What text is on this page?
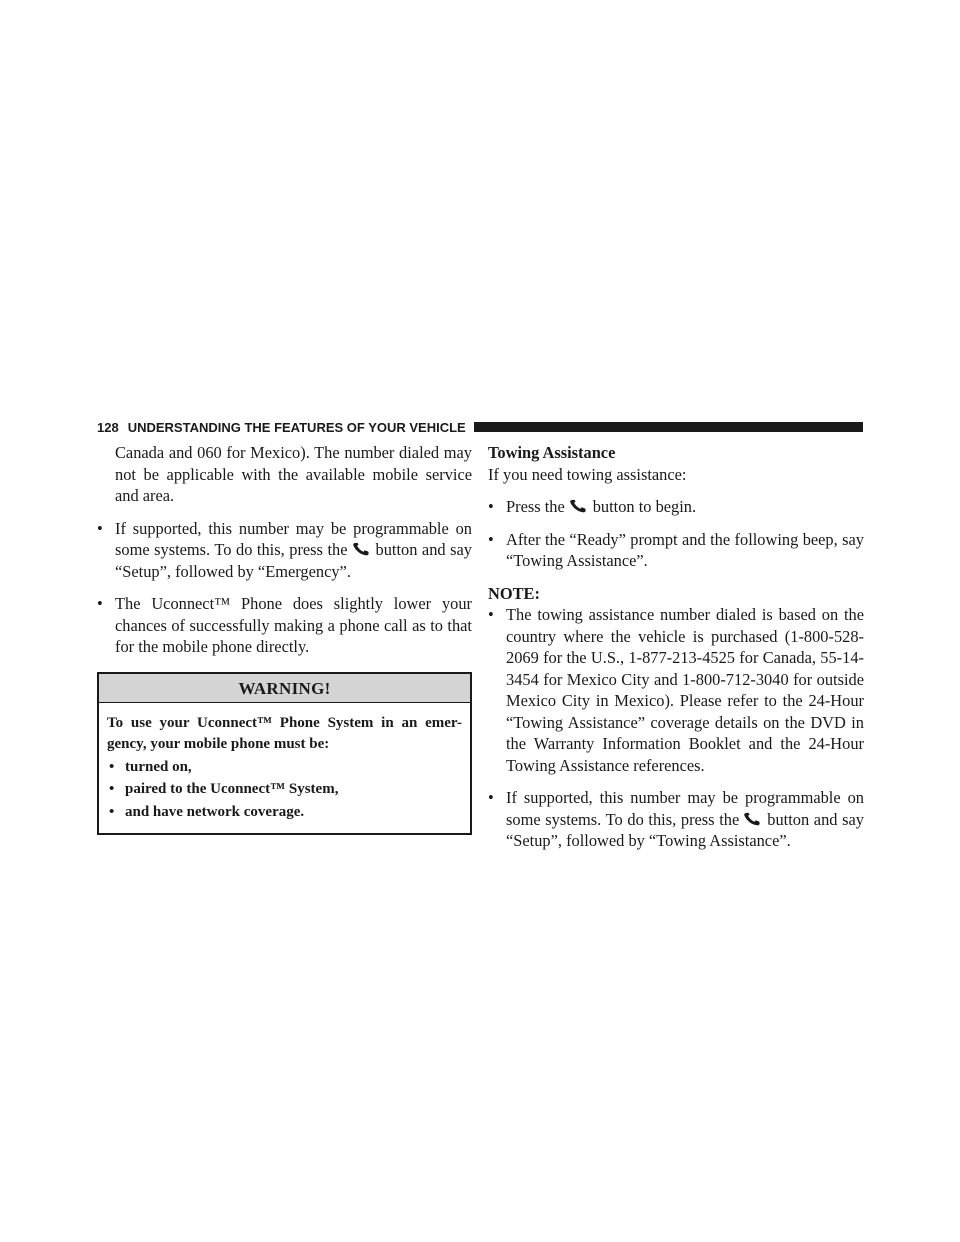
128 UNDERSTANDING THE FEATURES OF YOUR VEHICLE

Canada and 060 for Mexico). The number dialed may not be applicable with the available mobile service and area.

• If supported, this number may be programmable on some systems. To do this, press the button and say “Setup”, followed by “Emergency”.
• The Uconnect™ Phone does slightly lower your chances of successfully making a phone call as to that for the mobile phone directly.
WARNING!

To use your Uconnect™ Phone System in an emer- gency, your mobile phone must be:

• turned on,
• paired to the Uconnect™ System,
• and have network coverage.

Towing Assistance

If you need towing assistance:

• Press the button to begin.
• After the “Ready” prompt and the following beep, say “Towing Assistance”.

NOTE:

• The towing assistance number dialed is based on the country where the vehicle is purchased (1-800-528- 2069 for the U.S., 1-877-213-4525 for Canada, 55-14- 3454 for Mexico City and 1-800-712-3040 for outside Mexico City in Mexico). Please refer to the 24-Hour “Towing Assistance” coverage details on the DVD in the Warranty Information Booklet and the 24-Hour Towing Assistance references.
• If supported, this number may be programmable on some systems. To do this, press the button and say “Setup”, followed by “Towing Assistance”.
